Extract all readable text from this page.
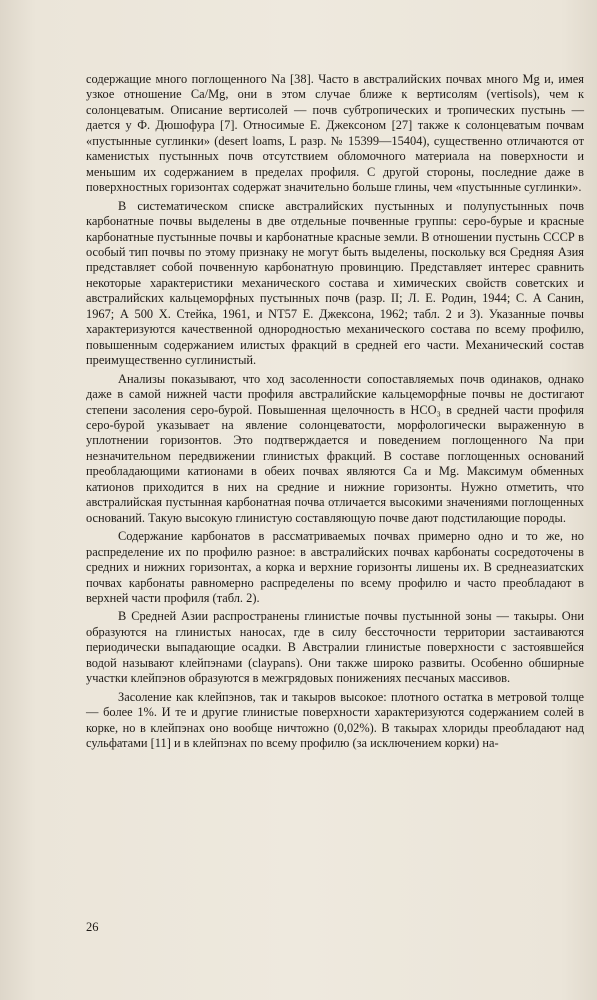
содержащие много поглощенного Na [38]. Часто в австралийских почвах много Mg и, имея узкое отношение Ca/Mg, они в этом случае ближе к вертисолям (vertisols), чем к солонцеватым. Описание вертисолей — почв субтропических и тропических пустынь — дается у Ф. Дюшофура [7]. Относимые Е. Джексоном [27] также к солонцеватым почвам «пустынные суглинки» (desert loams, L разр. № 15399—15404), существенно отличаются от каменистых пустынных почв отсутствием обломочного материала на поверхности и меньшим их содержанием в пределах профиля. С другой стороны, последние даже в поверхностных горизонтах содержат значительно больше глины, чем «пустынные суглинки».

В систематическом списке австралийских пустынных и полупустынных почв карбонатные почвы выделены в две отдельные почвенные группы: серо-бурые и красные карбонатные пустынные почвы и карбонатные красные земли. В отношении пустынь СССР в особый тип почвы по этому признаку не могут быть выделены, поскольку вся Средняя Азия представляет собой почвенную карбонатную провинцию. Представляет интерес сравнить некоторые характеристики механического состава и химических свойств советских и австралийских кальцеморфных пустынных почв (разр. II; Л. Е. Родин, 1944; С. А Санин, 1967; А 500 Х. Стейка, 1961, и NT57 Е. Джексона, 1962; табл. 2 и 3). Указанные почвы характеризуются качественной однородностью механического состава по всему профилю, повышенным содержанием илистых фракций в средней его части. Механический состав преимущественно суглинистый.

Анализы показывают, что ход засоленности сопоставляемых почв одинаков, однако даже в самой нижней части профиля австралийские кальцеморфные почвы не достигают степени засоления серо-бурой. Повышенная щелочность в HCO₃ в средней части профиля серо-бурой указывает на явление солонцеватости, морфологически выраженную в уплотнении горизонтов. Это подтверждается и поведением поглощенного Na при незначительном передвижении глинистых фракций. В составе поглощенных оснований преобладающими катионами в обеих почвах являются Ca и Mg. Максимум обменных катионов приходится в них на средние и нижние горизонты. Нужно отметить, что австралийская пустынная карбонатная почва отличается высокими значениями поглощенных оснований. Такую высокую глинистую составляющую почве дают подстилающие породы.

Содержание карбонатов в рассматриваемых почвах примерно одно и то же, но распределение их по профилю разное: в австралийских почвах карбонаты сосредоточены в средних и нижних горизонтах, а корка и верхние горизонты лишены их. В среднеазиатских почвах карбонаты равномерно распределены по всему профилю и часто преобладают в верхней части профиля (табл. 2).

В Средней Азии распространены глинистые почвы пустынной зоны — такыры. Они образуются на глинистых наносах, где в силу бессточности территории застаиваются периодически выпадающие осадки. В Австралии глинистые поверхности с застоявшейся водой называют клейпэнами (claypans). Они также широко развиты. Особенно обширные участки клейпэнов образуются в межгрядовых понижениях песчаных массивов.

Засоление как клейпэнов, так и такыров высокое: плотного остатка в метровой толще — более 1%. И те и другие глинистые поверхности характеризуются содержанием солей в корке, но в клейпэнах оно вообще ничтожно (0,02%). В такырах хлориды преобладают над сульфатами [11] и в клейпэнах по всему профилю (за исключением корки) на-

26
